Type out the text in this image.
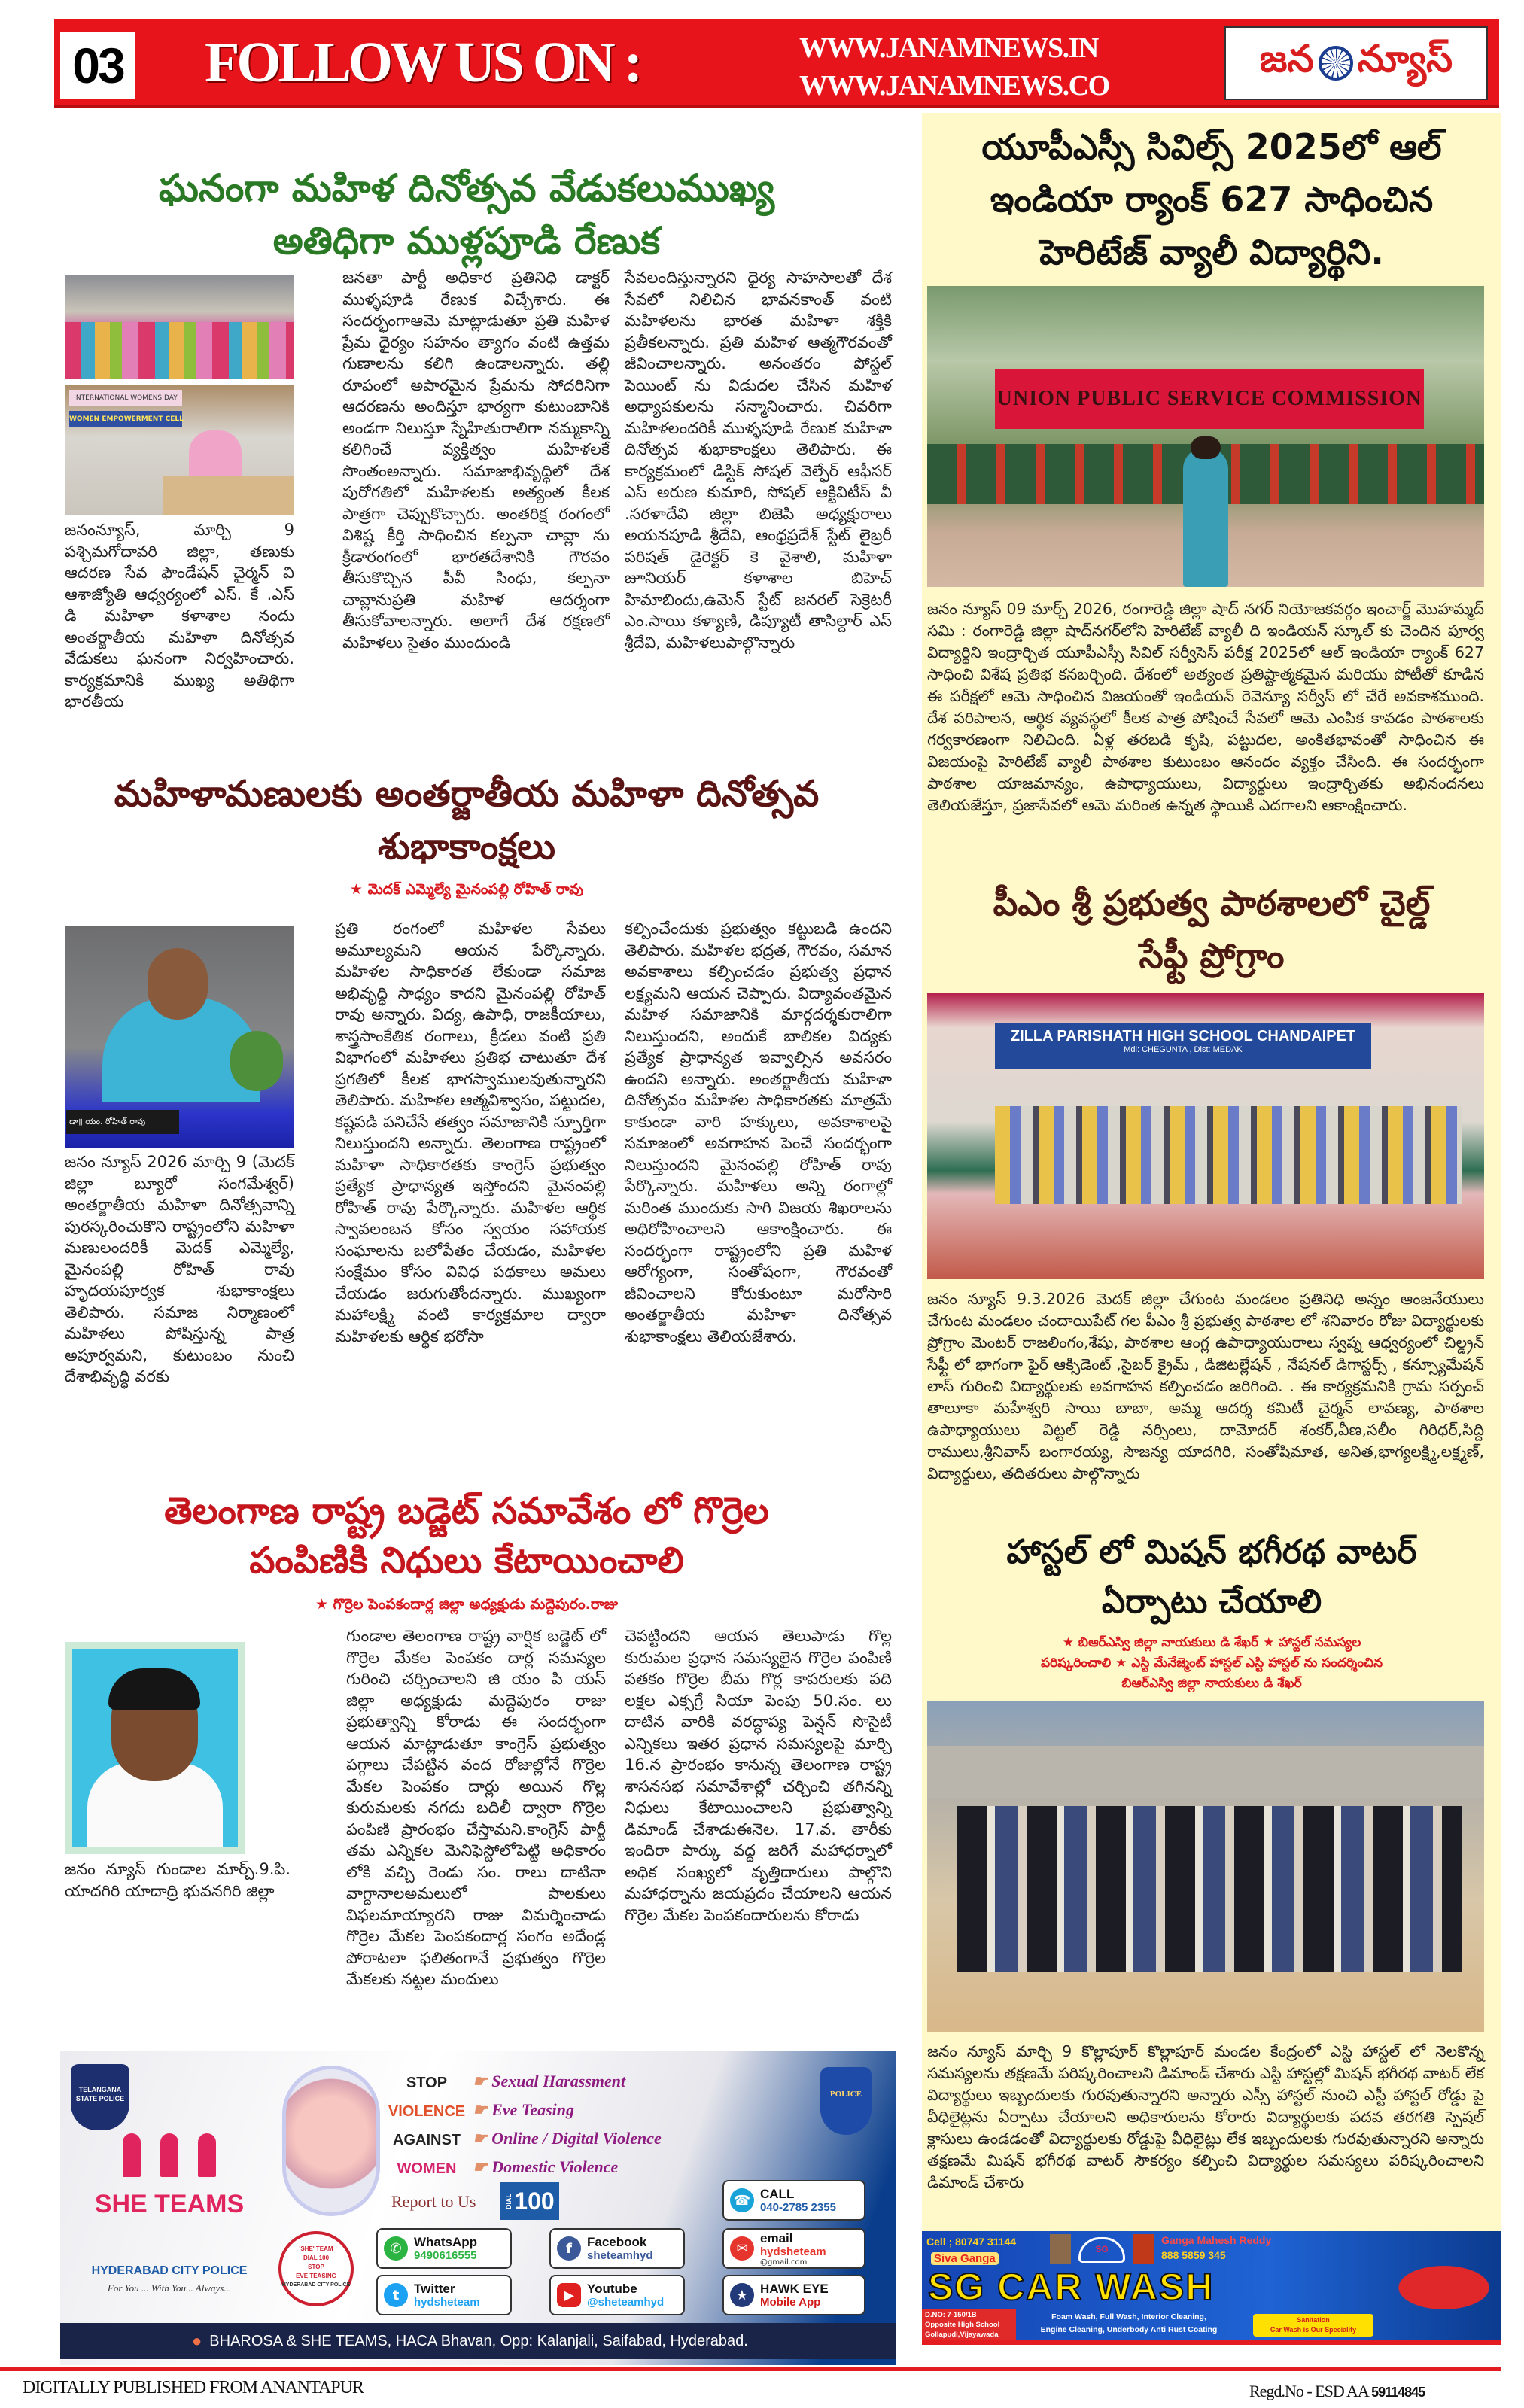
03 FOLLOW US ON :	WWW.JANAMNEWS.IN
WWW.JANAMNEWS.CO
జన న్యూస్
ఘనంగా మహిళ దినోత్సవ వేడుకలుముఖ్య
అతిధిగా ముళ్లపూడి రేణుక
INTERNATIONAL WOMENS DAY
WOMEN EMPOWERMENT CELL
జనంన్యూస్, మార్చి 9 పశ్చిమగోదావరి జిల్లా, తణుకు ఆదరణ సేవ ఫౌండేషన్ చైర్మన్ వి ఆశాజ్యోతి ఆధ్వర్యంలో ఎస్. కే .ఎస్ డి మహిళా కళాశాల నందు అంతర్జాతీయ మహిళా దినోత్సవ వేడుకలు ఘనంగా నిర్వహించారు. కార్యక్రమానికి ముఖ్య అతిథిగా భారతీయ
జనతా పార్టీ అధికార ప్రతినిధి డాక్టర్ ముళ్ళపూడి రేణుక విచ్చేశారు. ఈ సందర్భంగాఆమె మాట్లాడుతూ ప్రతి మహిళ ప్రేమ ధైర్యం సహనం త్యాగం వంటి ఉత్తమ గుణాలను కలిగి ఉండాలన్నారు. తల్లి రూపంలో అపారమైన ప్రేమను సోదరినిగా ఆదరణను అందిస్తూ భార్యగా కుటుంబానికి అండగా నిలుస్తూ స్నేహితురాలిగా నమ్మకాన్ని కలిగించే వ్యక్తిత్వం మహిళలకే సొంతంఅన్నారు. సమాజాభివృద్ధిలో దేశ పురోగతిలో మహిళలకు అత్యంత కీలక పాత్రగా చెప్పుకొచ్చారు. అంతరిక్ష రంగంలో విశిష్ట కీర్తి సాధించిన కల్పనా చావ్లా ను క్రీడారంగంలో భారతదేశానికి గౌరవం తీసుకొచ్చిన పీవీ సింధు, కల్పనా చావ్లానుప్రతి మహిళ ఆదర్శంగా తీసుకోవాలన్నారు. అలాగే దేశ రక్షణలో మహిళలు సైతం ముందుండి
సేవలందిస్తున్నారని ధైర్య సాహసాలతో దేశ సేవలో నిలిచిన భావనకాంత్ వంటి మహిళలను భారత మహిళా శక్తికి ప్రతీకలన్నారు. ప్రతి మహిళ ఆత్మగౌరవంతో జీవించాలన్నారు. అనంతరం పోస్టల్ పెయింట్ ను విడుదల చేసిన మహిళ అధ్యాపకులను సన్మానించారు. చివరిగా మహిళలందరికీ ముళ్ళపూడి రేణుక మహిళా దినోత్సవ శుభాకాంక్షలు తెలిపారు. ఈ కార్యక్రమంలో డిస్టిక్ సోషల్ వెల్ఫేర్ ఆఫీసర్ ఎస్ అరుణ కుమారి, సోషల్ ఆక్టివిటీస్ వీ .సరళాదేవి జిల్లా బిజెపి అధ్యక్షురాలు అయనపూడి శ్రీదేవి, ఆంధ్రప్రదేశ్ స్టేట్ లైబ్రరీ పరిషత్ డైరెక్టర్ కె వైశాలి, మహిళా జూనియర్ కళాశాల బిహెచ్ హిమాబిందు,ఉమెన్ స్టేట్ జనరల్ సెక్రెటరీ ఎం.సాయి కళ్యాణి, డిప్యూటీ తాసిల్దార్ ఎస్ శ్రీదేవి, మహిళలుపాల్గొన్నారు
మహిళామణులకు అంతర్జాతీయ మహిళా దినోత్సవ
శుభాకాంక్షలు
★ మెదక్ ఎమ్మెల్యే మైనంపల్లి రోహిత్ రావు
డా॥ యం. రోహిత్ రావు
జనం న్యూస్ 2026 మార్చి 9 (మెదక్ జిల్లా బ్యూరో సంగమేశ్వర్) అంతర్జాతీయ మహిళా దినోత్సవాన్ని పురస్కరించుకొని రాష్ట్రంలోని మహిళా మణులందరికీ మెదక్ ఎమ్మెల్యే, మైనంపల్లి రోహిత్ రావు హృదయపూర్వక శుభాకాంక్షలు తెలిపారు. సమాజ నిర్మాణంలో మహిళలు పోషిస్తున్న పాత్ర అపూర్వమని, కుటుంబం నుంచి దేశాభివృద్ధి వరకు
ప్రతి రంగంలో మహిళల సేవలు అమూల్యమని ఆయన పేర్కొన్నారు. మహిళల సాధికారత లేకుండా సమాజ అభివృద్ధి సాధ్యం కాదని మైనంపల్లి రోహిత్ రావు అన్నారు. విద్య, ఉపాధి, రాజకీయాలు, శాస్త్రసాంకేతిక రంగాలు, క్రీడలు వంటి ప్రతి విభాగంలో మహిళలు ప్రతిభ చాటుతూ దేశ ప్రగతిలో కీలక భాగస్వాములవుతున్నారని తెలిపారు. మహిళల ఆత్మవిశ్వాసం, పట్టుదల, కష్టపడి పనిచేసే తత్వం సమాజానికి స్ఫూర్తిగా నిలుస్తుందని అన్నారు. తెలంగాణ రాష్ట్రంలో మహిళా సాధికారతకు కాంగ్రెస్ ప్రభుత్వం ప్రత్యేక ప్రాధాన్యత ఇస్తోందని మైనంపల్లి రోహిత్ రావు పేర్కొన్నారు. మహిళల ఆర్థిక స్వావలంబన కోసం స్వయం సహాయక సంఘాలను బలోపేతం చేయడం, మహిళల సంక్షేమం కోసం వివిధ పథకాలు అమలు చేయడం జరుగుతోందన్నారు. ముఖ్యంగా మహాలక్ష్మి వంటి కార్యక్రమాల ద్వారా మహిళలకు ఆర్థిక భరోసా
కల్పించేందుకు ప్రభుత్వం కట్టుబడి ఉందని తెలిపారు. మహిళల భద్రత, గౌరవం, సమాన అవకాశాలు కల్పించడం ప్రభుత్వ ప్రధాన లక్ష్యమని ఆయన చెప్పారు. విద్యావంతమైన మహిళ సమాజానికి మార్గదర్శకురాలిగా నిలుస్తుందని, అందుకే బాలికల విద్యకు ప్రత్యేక ప్రాధాన్యత ఇవ్వాల్సిన అవసరం ఉందని అన్నారు. అంతర్జాతీయ మహిళా దినోత్సవం మహిళల సాధికారతకు మాత్రమే కాకుండా వారి హక్కులు, అవకాశాలపై సమాజంలో అవగాహన పెంచే సందర్భంగా నిలుస్తుందని మైనంపల్లి రోహిత్ రావు పేర్కొన్నారు. మహిళలు అన్ని రంగాల్లో మరింత ముందుకు సాగి విజయ శిఖరాలను అధిరోహించాలని ఆకాంక్షించారు. ఈ సందర్భంగా రాష్ట్రంలోని ప్రతి మహిళ ఆరోగ్యంగా, సంతోషంగా, గౌరవంతో జీవించాలని కోరుకుంటూ మరోసారి అంతర్జాతీయ మహిళా దినోత్సవ శుభాకాంక్షలు తెలియజేశారు.
తెలంగాణ రాష్ట్ర బడ్జెట్ సమావేశం లో గొర్రెల
పంపిణికి నిధులు కేటాయించాలి
★ గొర్రెల పెంపకందార్ల జిల్లా అధ్యక్షుడు మద్దెపురం.రాజు
జనం న్యూస్ గుండాల మార్చ్.9.పి. యాదగిరి యాదాద్రి భువనగిరి జిల్లా
గుండాల తెలంగాణ రాష్ట్ర వార్షిక బడ్జెట్ లో గొర్రెల మేకల పెంపకం దార్ల సమస్యల గురించి చర్చించాలని జి యం పి యస్ జిల్లా అధ్యక్షుడు మద్దెపురం రాజు ప్రభుత్వాన్ని కోరాడు ఈ సందర్భంగా ఆయన మాట్లాడుతూ కాంగ్రెస్ ప్రభుత్వం పగ్గాలు చేపట్టిన వంద రోజుల్లోనే గొర్రెల మేకల పెంపకం దార్లు అయిన గొల్ల కురుమలకు నగదు బదిలీ ద్వారా గొర్రెల పంపిణి ప్రారంభం చేస్తామని.కాంగ్రెస్ పార్టీ తమ ఎన్నికల మెనిఫెస్టోలోపెట్టి అధికారం లోకి వచ్చి రెండు సం. రాలు దాటినా వాగ్దానాలఅమలులో పాలకులు విఫలమాయ్యారని రాజు విమర్శించాడు గొర్రెల మేకల పెంపకందార్ల సంగం అదేండ్ల పోరాటలా ఫలితంగానే ప్రభుత్వం గొర్రెల మేకలకు నట్టల మందులు
చెపట్టిందని ఆయన తెలుపాడు గొల్ల కురుమల ప్రధాన సమస్యలైన గొర్రెల పంపిణి పతకం గొర్రెల బీమ గొర్ల కాపరులకు పది లక్షల ఎక్సగ్రే సియా పెంపు 50.సం. లు దాటిన వారికి వరద్ధాప్య పెన్షన్ సొసైటీ ఎన్నికలు ఇతర ప్రధాన సమస్యలపై మార్చి 16.న ప్రారంభం కానున్న తెలంగాణ రాష్ట్ర శాసనసభ సమావేశాల్లో చర్చించి తగినన్ని నిధులు కేటాయించాలని ప్రభుత్వాన్ని డిమాండ్ చేశాడుఈనెల. 17.వ. తారీకు ఇందిరా పార్కు వద్ద జరిగే మహాధర్నాలో అధిక సంఖ్యలో వృత్తిదారులు పాల్గొని మహాధర్నాను జయప్రదం చేయాలని ఆయన గొర్రెల మేకల పెంపకందారులను కోరాడు
TELANGANA STATE POLICE
SHE TEAMS
HYDERABAD CITY POLICE
For You ... With You... Always...
'SHE' TEAM
DIAL 100
STOP
EVE TEASING
HYDERABAD CITY POLICE
STOP
VIOLENCE
AGAINST
WOMEN
☛ Sexual Harassment
☛ Eve Teasing
☛ Online / Digital Violence
☛ Domestic Violence
POLICE
Report to Us	DIAL 100	☎ CALL
040-2785 2355
✆ WhatsApp
9490616555	f	Facebook
sheteamhyd	✉
email
hydsheteam
@gmail.com
t	Twitter
hydsheteam	▶	Youtube
@sheteamhyd	★ HAWK EYE
Mobile App
● BHAROSA & SHE TEAMS, HACA Bhavan, Opp: Kalanjali, Saifabad, Hyderabad.
యూపీఎస్సీ సివిల్స్ 2025లో ఆల్
ఇండియా ర్యాంక్ 627 సాధించిన
హెరిటేజ్ వ్యాలీ విద్యార్థిని.
UNION PUBLIC SERVICE COMMISSION
జనం న్యూస్ 09 మార్చ్ 2026, రంగారెడ్డి జిల్లా షాద్ నగర్ నియోజకవర్గం ఇంచార్జ్ మొహమ్మద్ సమి : రంగారెడ్డి జిల్లా షాద్‌నగర్‌లోని హెరిటేజ్ వ్యాలీ ది ఇండియన్ స్కూల్ కు చెందిన పూర్వ విద్యార్థిని ఇంద్రార్చిత యూపీఎస్సీ సివిల్ సర్వీసెస్ పరీక్ష 2025లో ఆల్ ఇండియా ర్యాంక్ 627 సాధించి విశేష ప్రతిభ కనబర్చింది. దేశంలో అత్యంత ప్రతిష్టాత్మకమైన మరియు పోటీతో కూడిన ఈ పరీక్షలో ఆమె సాధించిన విజయంతో ఇండియన్ రెవెన్యూ సర్వీస్ లో చేరే అవకాశముంది. దేశ పరిపాలన, ఆర్థిక వ్యవస్థలో కీలక పాత్ర పోషించే సేవలో ఆమె ఎంపిక కావడం పాఠశాలకు గర్వకారణంగా నిలిచింది. ఏళ్ల తరబడి కృషి, పట్టుదల, అంకితభావంతో సాధించిన ఈ విజయంపై హెరిటేజ్ వ్యాలీ పాఠశాల కుటుంబం ఆనందం వ్యక్తం చేసింది. ఈ సందర్భంగా పాఠశాల యాజమాన్యం, ఉపాధ్యాయులు, విద్యార్థులు ఇంద్రార్చితకు అభినందనలు తెలియజేస్తూ, ప్రజాసేవలో ఆమె మరింత ఉన్నత స్థాయికి ఎదగాలని ఆకాంక్షించారు.
పీఎం శ్రీ ప్రభుత్వ పాఠశాలలో చైల్డ్
సేఫ్టీ ప్రోగ్రాం
ZILLA PARISHATH HIGH SCHOOL CHANDAIPET
Mdl: CHEGUNTA , Dist: MEDAK
జనం న్యూస్ 9.3.2026 మెదక్ జిల్లా చేగుంట మండలం ప్రతినిధి అన్నం ఆంజనేయులు చేగుంట మండలం చందాయిపేట్ గల పీఎం శ్రీ ప్రభుత్వ పాఠశాల లో శనివారం రోజు విద్యార్థులకు ప్రోగ్రాం మెంటర్ రాజలింగం,శేషు, పాఠశాల ఆంగ్ల ఉపాధ్యాయురాలు స్వప్న ఆధ్వర్యంలో చిల్డ్రన్ సేఫ్టీ లో భాగంగా ఫైర్ ఆక్సిడెంట్ ,సైబర్ క్రైమ్ , డిజిటల్లేషన్ , నేషనల్ డిగాస్టర్స్ , కన్స్యూమేషన్ లాస్ గురించి విద్యార్థులకు అవగాహన కల్పించడం జరిగింది. . ఈ కార్యక్రమనికి గ్రామ సర్పంచ్ తాలూకా మహేశ్వరి సాయి బాబా, అమ్మ ఆదర్శ కమిటీ చైర్మన్ లావణ్య, పాఠశాల ఉపాధ్యాయులు విట్టల్ రెడ్డి నర్సింలు, దామోదర్ శంకర్,వీణ,సలీం గిరిధర్,సిద్ది రాములు,శ్రీనివాస్ బంగారయ్య, సౌజన్య యాదగిరి, సంతోషిమాత, అనిత,భాగ్యలక్ష్మి,లక్ష్మణ్, విద్యార్థులు, తదితరులు పాల్గొన్నారు
హాస్టల్ లో మిషన్ భగీరథ వాటర్
ఏర్పాటు చేయాలి
★ బిఆర్ఎస్వి జిల్లా నాయకులు డి శేఖర్ ★ హాస్టల్ సమస్యల
పరిష్కరించాలి ★ ఎస్టి మేనేజ్మెంట్ హాస్టల్ ఎస్టి హాస్టల్ ను సందర్శించిన
బిఆర్ఎస్వి జిల్లా నాయకులు డి శేఖర్
జనం న్యూస్ మార్చి 9 కొల్లాపూర్ కొల్లాపూర్ మండల కేంద్రంలో ఎస్టి హాస్టల్ లో నెలకొన్న సమస్యలను తక్షణమే పరిష్కరించాలని డిమాండ్ చేశారు ఎస్టి హాస్టల్లో మిషన్ భగీరథ వాటర్ లేక విద్యార్థులు ఇబ్బందులకు గురవుతున్నారని అన్నారు ఎస్సీ హాస్టల్ నుంచి ఎస్టీ హాస్టల్ రోడ్డు పై వీధిలైట్లను ఏర్పాటు చేయాలని అధికారులను కోరారు విద్యార్థులకు పదవ తరగతి స్పెషల్ క్లాసులు ఉండడంతో విద్యార్థులకు రోడ్డుపై వీధిలైట్లు లేక ఇబ్బందులకు గురవుతున్నారని అన్నారు తక్షణమే మిషన్ భగీరథ వాటర్ సౌకర్యం కల్పించి విద్యార్థుల సమస్యలు పరిష్కరించాలని డిమాండ్ చేశారు
Cell ; 80747 31144
Siva Ganga
SG
Ganga Mahesh Reddy
888 5859 345
SG CAR WASH
D.NO: 7-150/1B
Opposite High School
Gollapudi,Vijayawada
Foam Wash, Full Wash, Interior Cleaning,
Engine Cleaning, Underbody Anti Rust Coating
Sanitation
Car Wash is Our Speciality
DIGITALLY PUBLISHED FROM ANANTAPUR	Regd.No - ESD AA 59114845
